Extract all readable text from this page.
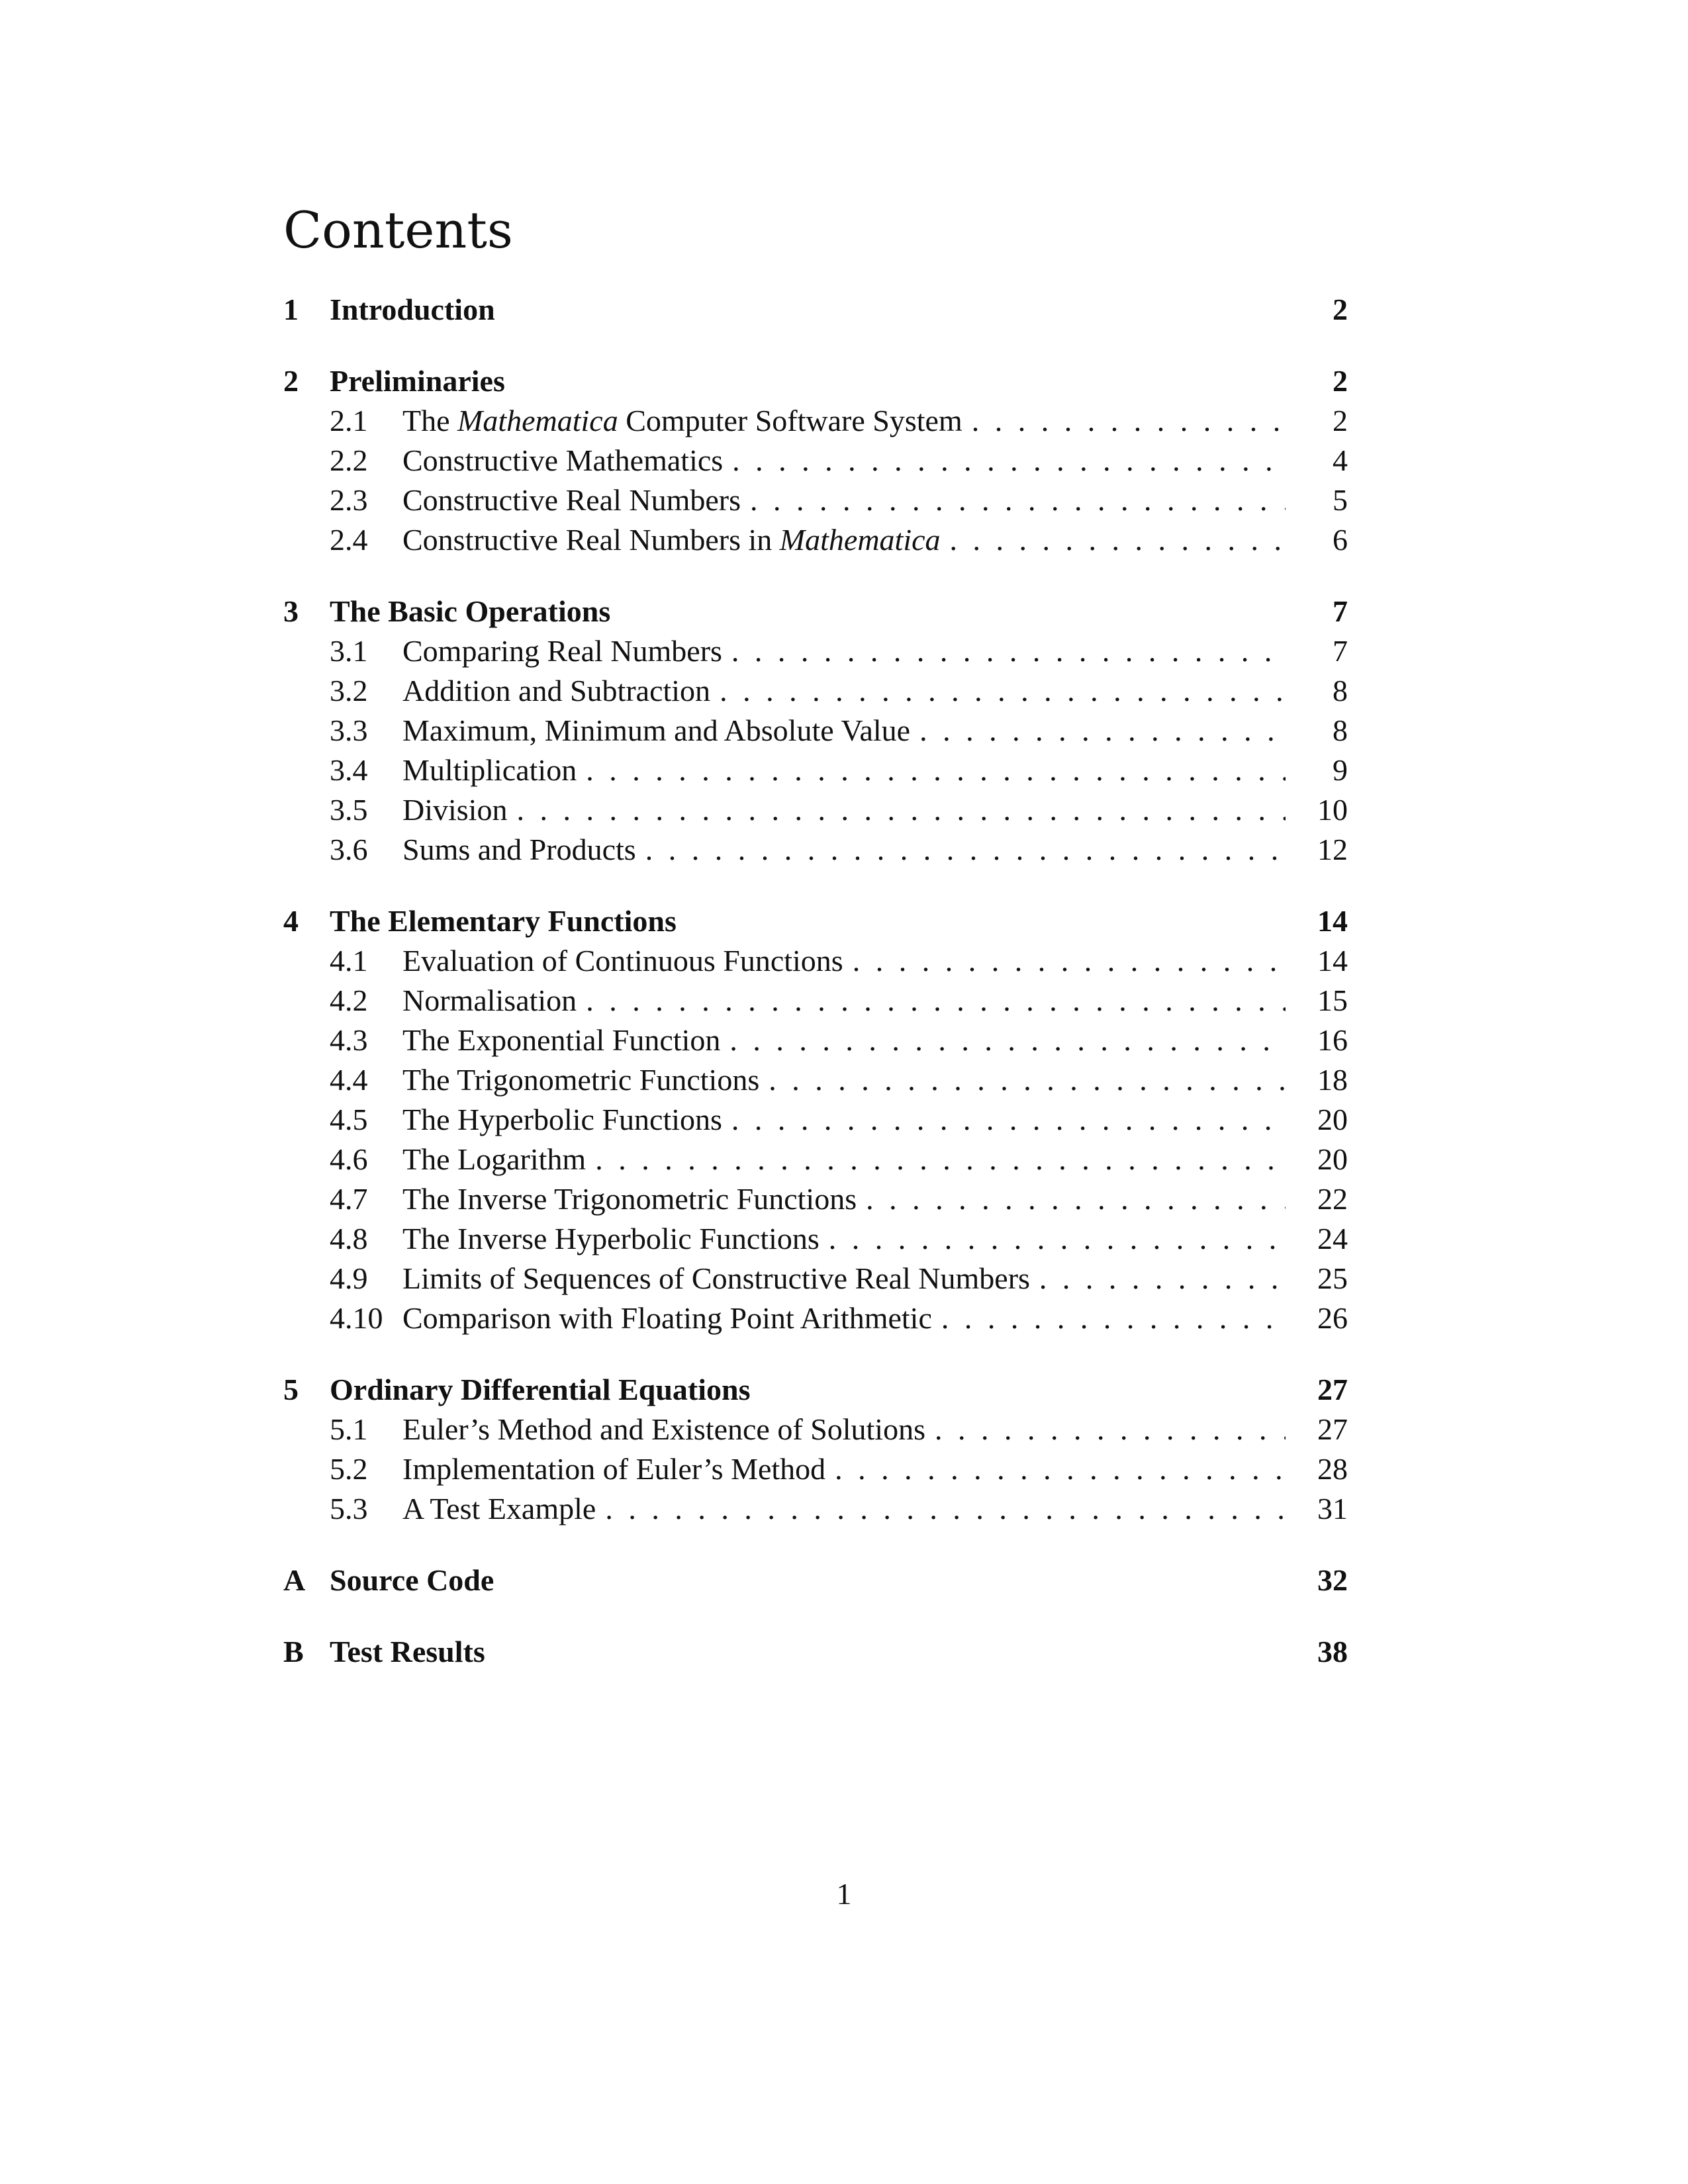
Contents
1	Introduction	2
2	Preliminaries	2
2.1	The Mathematica Computer Software System . . .	2
2.2	Constructive Mathematics . . .	4
2.3	Constructive Real Numbers . . .	5
2.4	Constructive Real Numbers in Mathematica . . .	6
3	The Basic Operations	7
3.1	Comparing Real Numbers . . .	7
3.2	Addition and Subtraction . . .	8
3.3	Maximum, Minimum and Absolute Value . . .	8
3.4	Multiplication . . .	9
3.5	Division . . .	10
3.6	Sums and Products . . .	12
4	The Elementary Functions	14
4.1	Evaluation of Continuous Functions . . .	14
4.2	Normalisation . . .	15
4.3	The Exponential Function . . .	16
4.4	The Trigonometric Functions . . .	18
4.5	The Hyperbolic Functions . . .	20
4.6	The Logarithm . . .	20
4.7	The Inverse Trigonometric Functions . . .	22
4.8	The Inverse Hyperbolic Functions . . .	24
4.9	Limits of Sequences of Constructive Real Numbers . . .	25
4.10 Comparison with Floating Point Arithmetic . . .	26
5	Ordinary Differential Equations	27
5.1	Euler’s Method and Existence of Solutions . . .	27
5.2	Implementation of Euler’s Method . . .	28
5.3	A Test Example . . .	31
A Source Code	32
B Test Results	38
1
